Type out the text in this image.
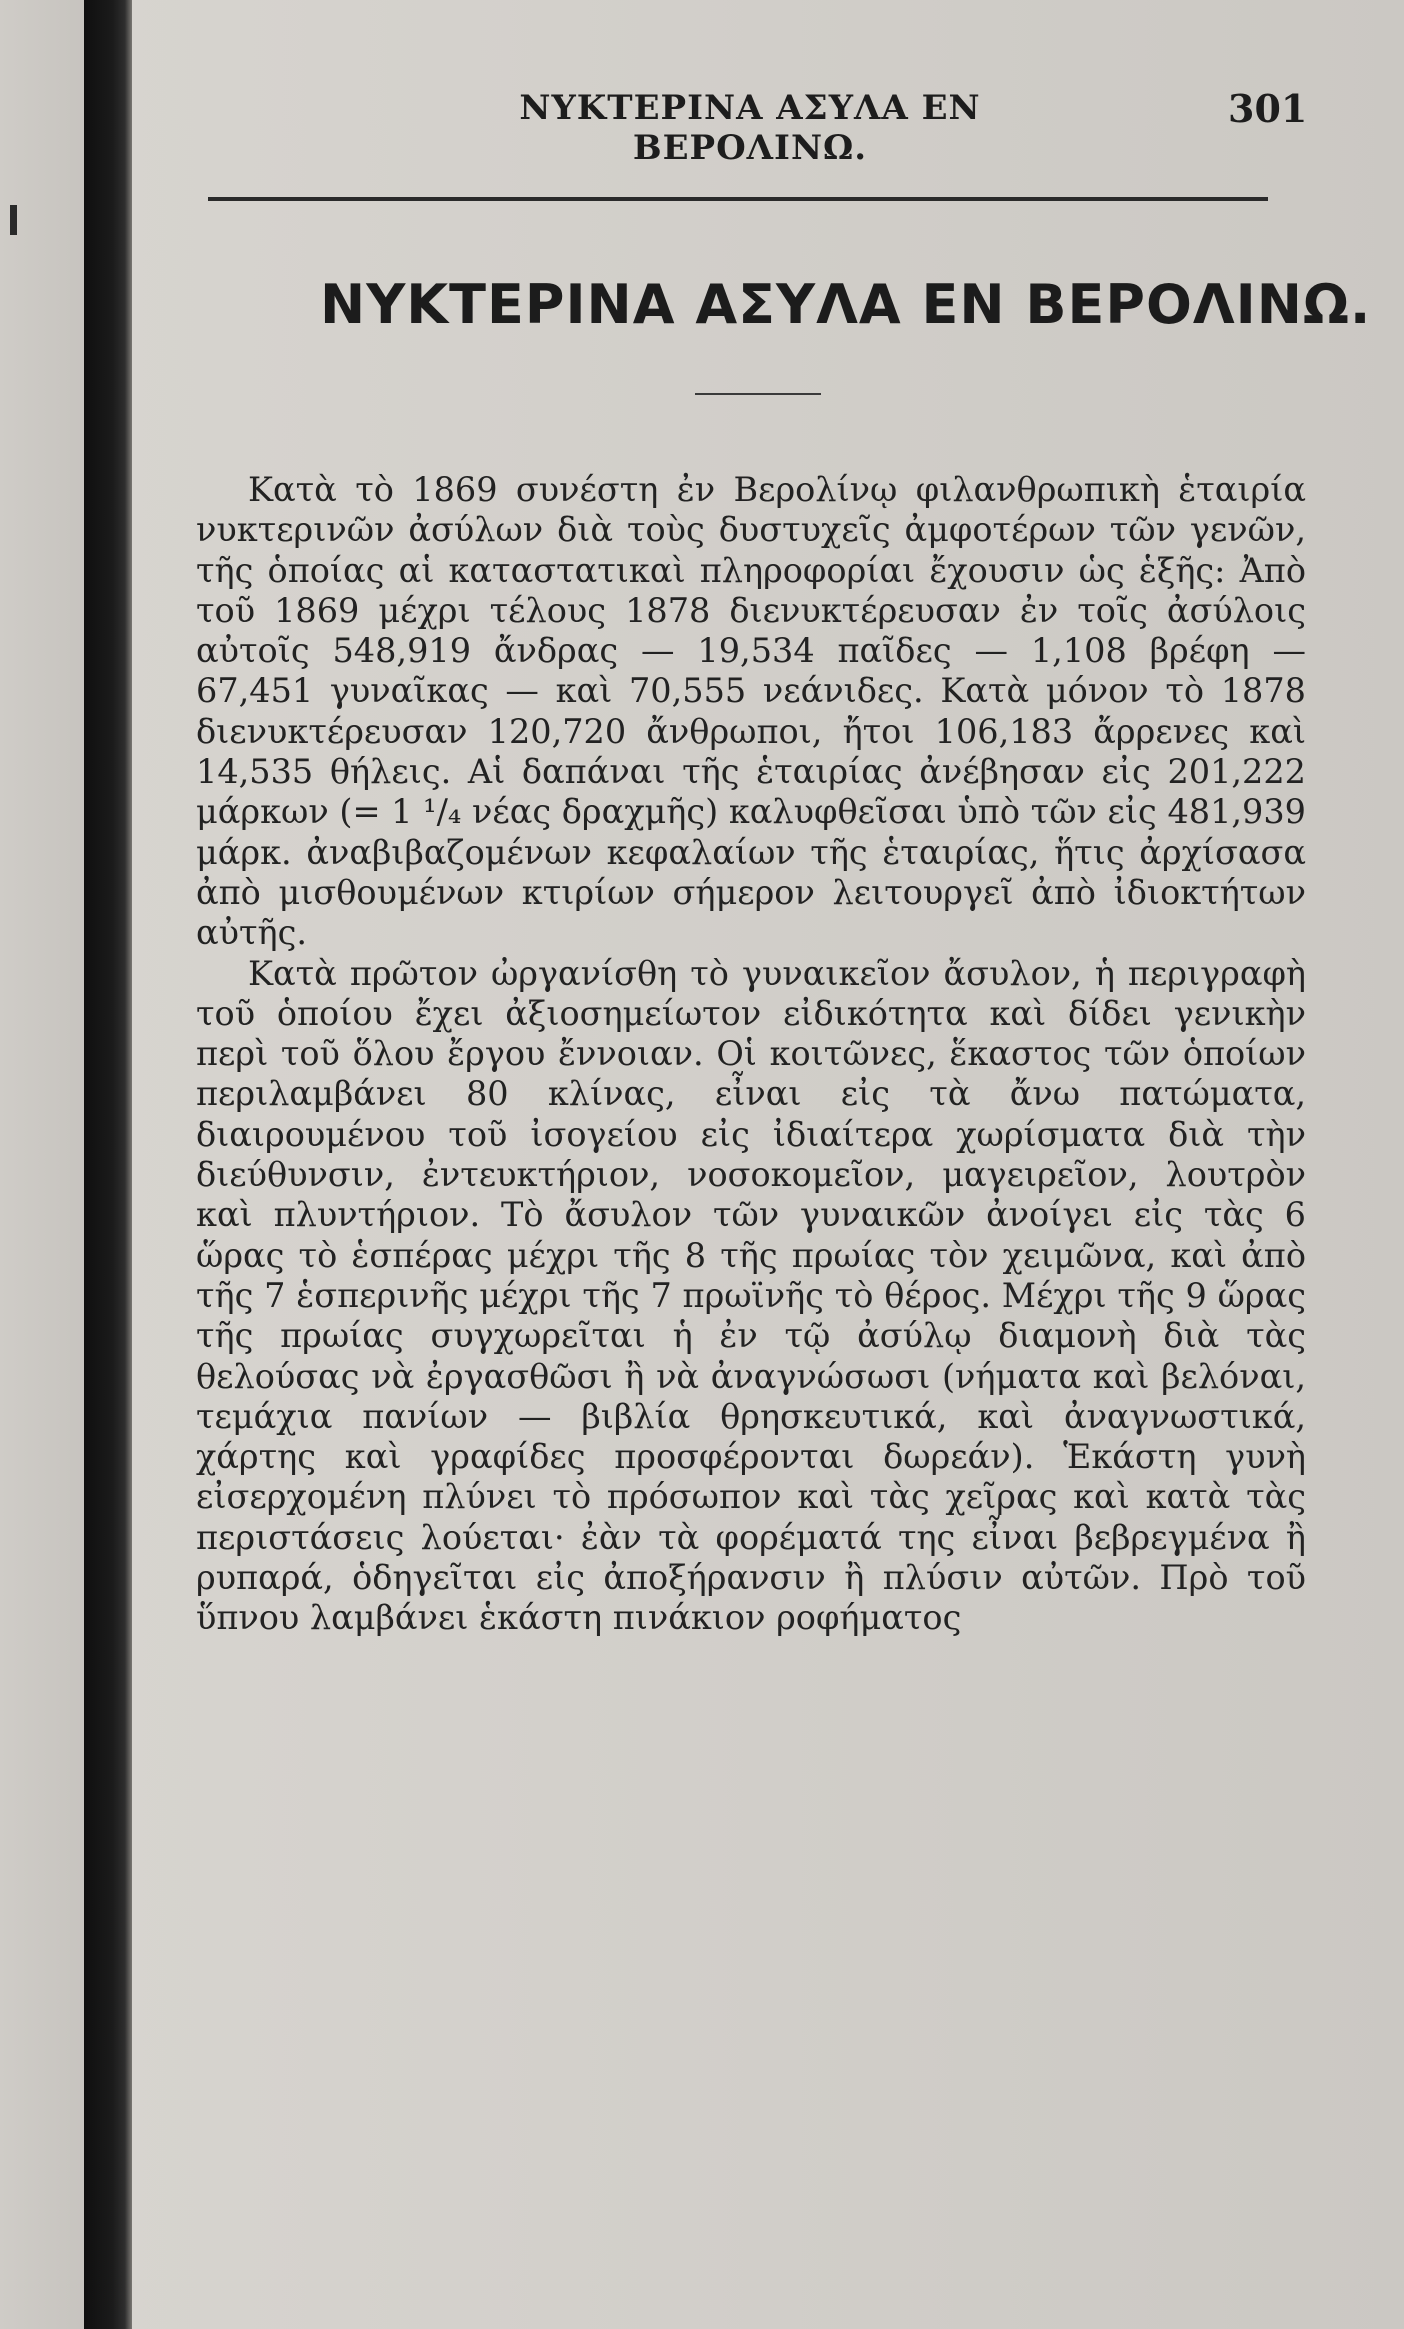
ΝΥΚΤΕΡΙΝΑ ΑΣΥΛΑ ΕΝ ΒΕΡΟΛΙΝΩ.
301
ΝΥΚΤΕΡΙΝΑ ΑΣΥΛΑ ΕΝ ΒΕΡΟΛΙΝΩ.

Κατὰ τὸ 1869 συνέστη ἐν Βερολίνῳ φιλανθρωπικὴ ἑταιρία νυκτερινῶν ἀσύλων διὰ τοὺς δυστυχεῖς ἀμφοτέρων τῶν γενῶν, τῆς ὁποίας αἱ καταστατικαὶ πληροφορίαι ἔχουσιν ὡς ἑξῆς: Ἀπὸ τοῦ 1869 μέχρι τέλους 1878 διενυκτέρευσαν ἐν τοῖς ἀσύλοις αὐτοῖς 548,919 ἄνδρας — 19,534 παῖδες — 1,108 βρέφη — 67,451 γυναῖκας — καὶ 70,555 νεάνιδες. Κατὰ μόνον τὸ 1878 διενυκτέρευσαν 120,720 ἄνθρωποι, ἤτοι 106,183 ἄρρενες καὶ 14,535 θήλεις. Αἱ δαπάναι τῆς ἑταιρίας ἀνέβησαν εἰς 201,222 μάρκων (= 1 ¹/₄ νέας δραχμῆς) καλυφθεῖσαι ὑπὸ τῶν εἰς 481,939 μάρκ. ἀναβιβαζομένων κεφαλαίων τῆς ἑταιρίας, ἥτις ἀρχίσασα ἀπὸ μισθουμένων κτιρίων σήμερον λειτουργεῖ ἀπὸ ἰδιοκτήτων αὐτῆς.

Κατὰ πρῶτον ὠργανίσθη τὸ γυναικεῖον ἄσυλον, ἡ περιγραφὴ τοῦ ὁποίου ἔχει ἀξιοσημείωτον εἰδικότητα καὶ δίδει γενικὴν περὶ τοῦ ὅλου ἔργου ἔννοιαν. Οἱ κοιτῶνες, ἕκαστος τῶν ὁποίων περιλαμβάνει 80 κλίνας, εἶναι εἰς τὰ ἄνω πατώματα, διαιρουμένου τοῦ ἰσογείου εἰς ἰδιαίτερα χωρίσματα διὰ τὴν διεύθυνσιν, ἐντευκτήριον, νοσοκομεῖον, μαγειρεῖον, λουτρὸν καὶ πλυντήριον. Τὸ ἄσυλον τῶν γυναικῶν ἀνοίγει εἰς τὰς 6 ὥρας τὸ ἑσπέρας μέχρι τῆς 8 τῆς πρωίας τὸν χειμῶνα, καὶ ἀπὸ τῆς 7 ἑσπερινῆς μέχρι τῆς 7 πρωϊνῆς τὸ θέρος. Μέχρι τῆς 9 ὥρας τῆς πρωίας συγχωρεῖται ἡ ἐν τῷ ἀσύλῳ διαμονὴ διὰ τὰς θελούσας νὰ ἐργασθῶσι ἢ νὰ ἀναγνώσωσι (νήματα καὶ βελόναι, τεμάχια πανίων — βιβλία θρησκευτικά, καὶ ἀναγνωστικά, χάρτης καὶ γραφίδες προσφέρονται δωρεάν). Ἑκάστη γυνὴ εἰσερχομένη πλύνει τὸ πρόσωπον καὶ τὰς χεῖρας καὶ κατὰ τὰς περιστάσεις λούεται· ἐὰν τὰ φορέματά της εἶναι βεβρεγμένα ἢ ρυπαρά, ὁδηγεῖται εἰς ἀποξήρανσιν ἢ πλύσιν αὐτῶν. Πρὸ τοῦ ὕπνου λαμβάνει ἑκάστη πινάκιον ροφήματος
